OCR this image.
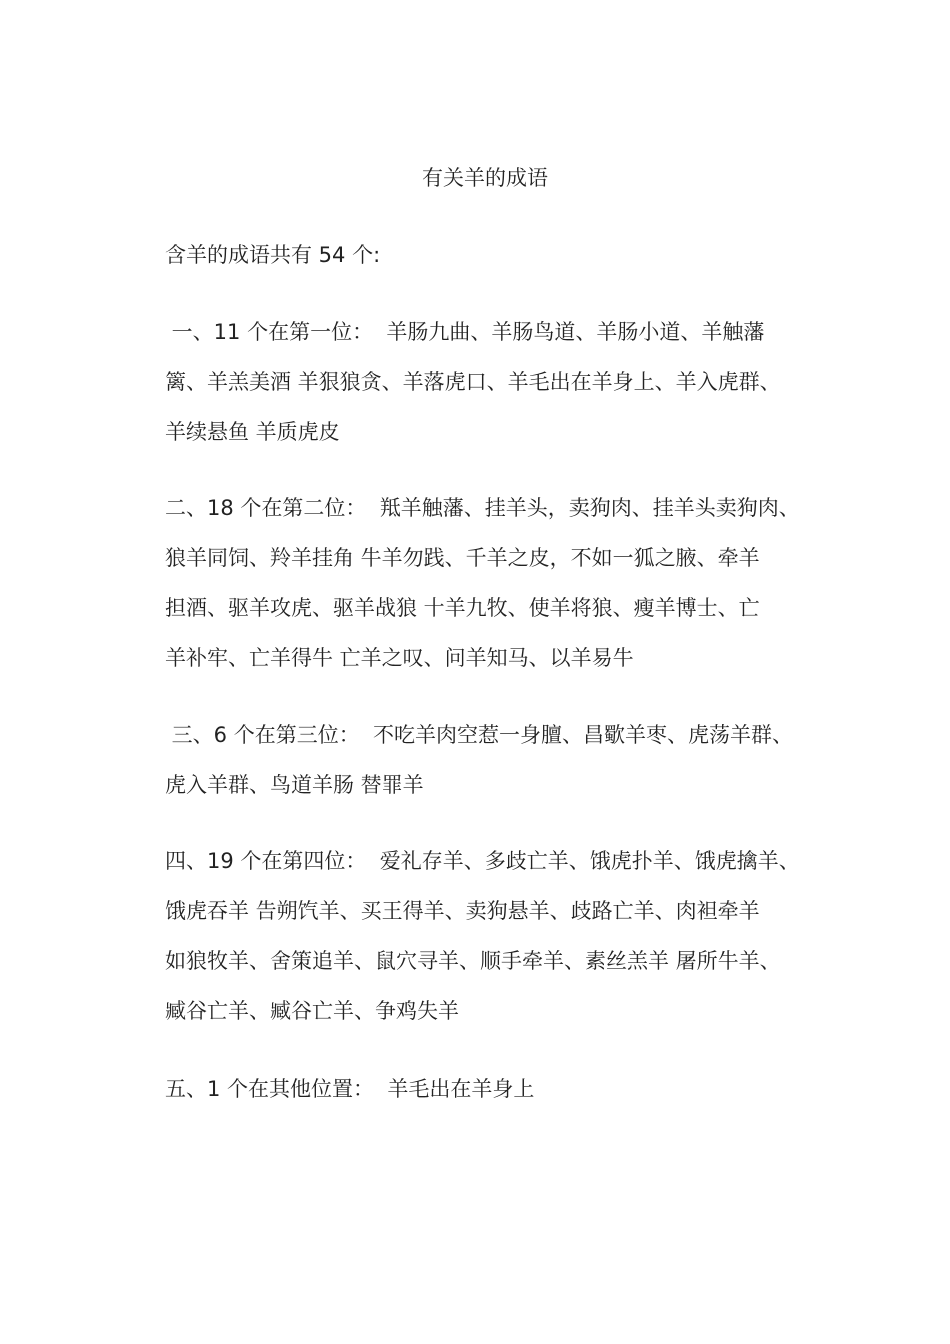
有关羊的成语
含羊的成语共有 54 个:
一、11 个在第一位：  羊肠九曲、羊肠鸟道、羊肠小道、羊触藩
篱、羊羔美酒 羊狠狼贪、羊落虎口、羊毛出在羊身上、羊入虎群、
羊续悬鱼 羊质虎皮
二、18 个在第二位：  羝羊触藩、挂羊头，卖狗肉、挂羊头卖狗肉、
狼羊同饲、羚羊挂角 牛羊勿践、千羊之皮，不如一狐之腋、牵羊
担酒、驱羊攻虎、驱羊战狼 十羊九牧、使羊将狼、瘦羊博士、亡
羊补牢、亡羊得牛 亡羊之叹、问羊知马、以羊易牛
三、6 个在第三位：  不吃羊肉空惹一身膻、昌歜羊枣、虎荡羊群、
虎入羊群、鸟道羊肠 替罪羊
四、19 个在第四位：  爱礼存羊、多歧亡羊、饿虎扑羊、饿虎擒羊、
饿虎吞羊 告朔饩羊、买王得羊、卖狗悬羊、歧路亡羊、肉袒牵羊
如狼牧羊、舍策追羊、鼠穴寻羊、顺手牵羊、素丝羔羊 屠所牛羊、
臧谷亡羊、臧谷亡羊、争鸡失羊
五、1 个在其他位置：  羊毛出在羊身上
